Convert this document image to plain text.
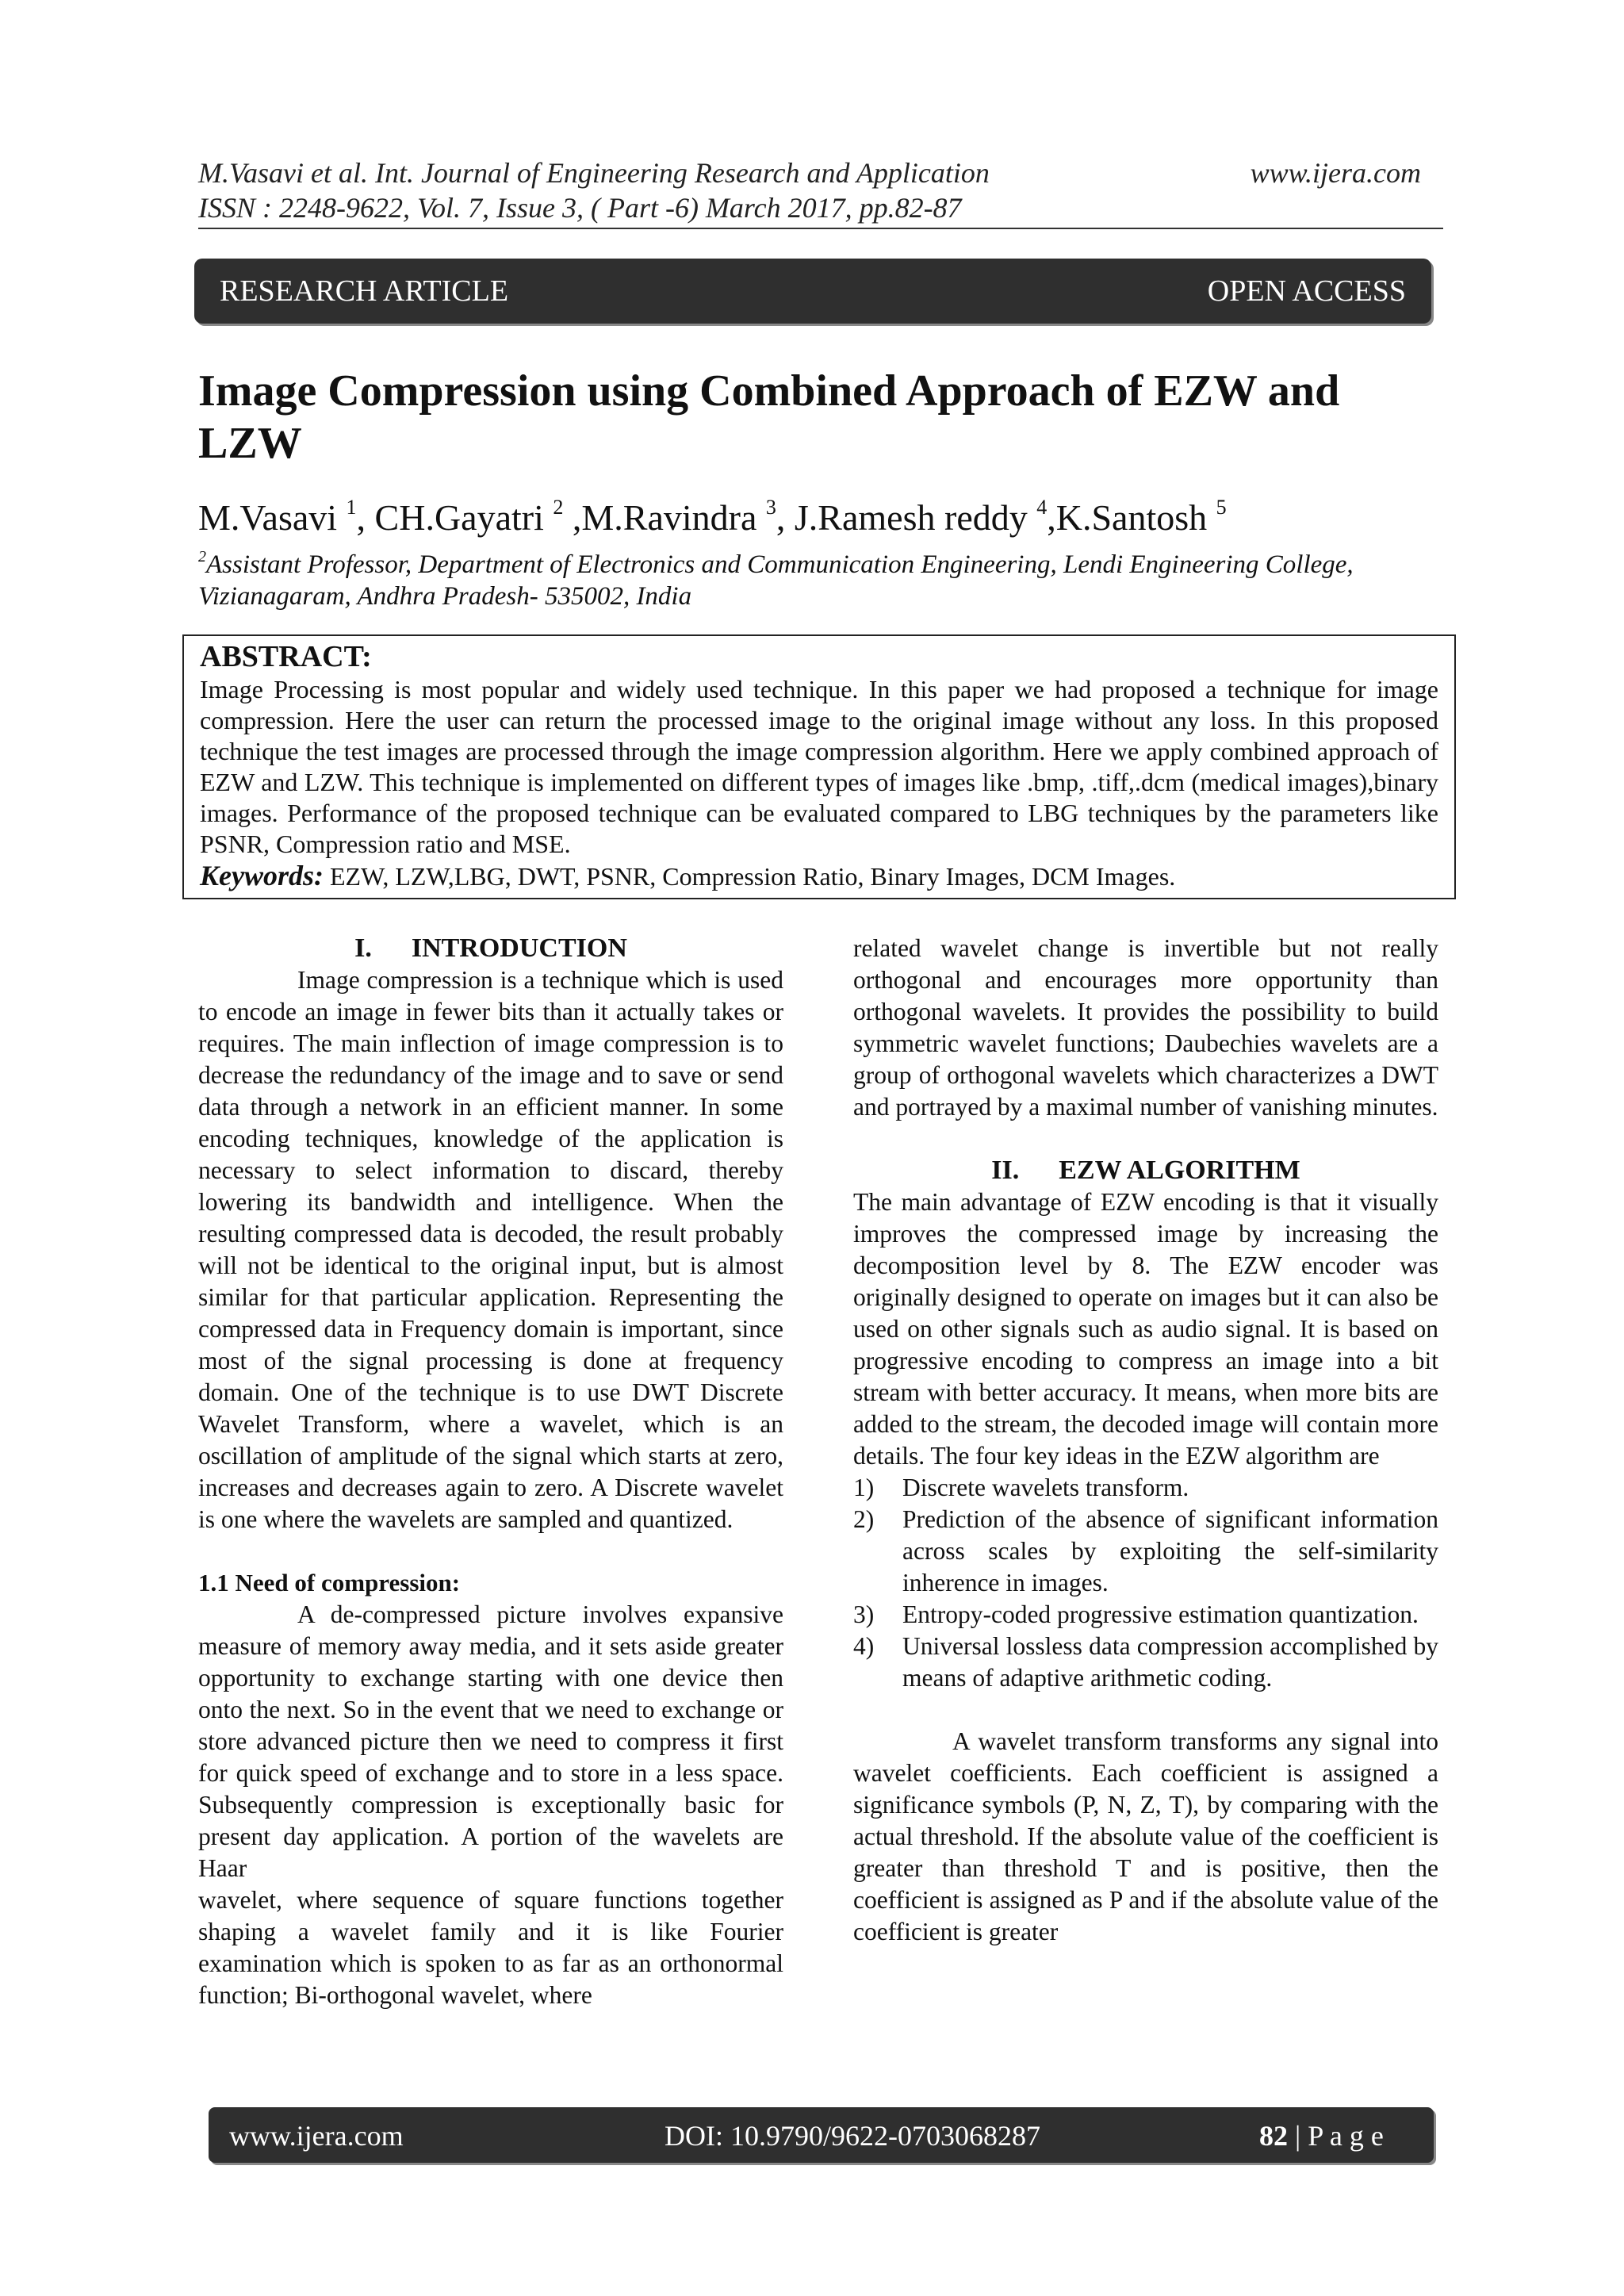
M.Vasavi et al. Int. Journal of Engineering Research and Application
ISSN : 2248-9622, Vol. 7, Issue 3, ( Part -6) March 2017, pp.82-87
www.ijera.com
RESEARCH ARTICLE	OPEN ACCESS
Image Compression using Combined Approach of EZW and
LZW
M.Vasavi $^1$, CH.Gayatri $^2$ ,M.Ravindra $^3$, J.Ramesh reddy $^4$,K.Santosh $^5$
$^2$Assistant Professor, Department of Electronics and Communication Engineering, Lendi Engineering College,
Vizianagaram, Andhra Pradesh- 535002, India
ABSTRACT:
Image Processing is most popular and widely used technique. In this paper we had proposed a technique for image compression. Here the user can return the processed image to the original image without any loss. In this proposed technique the test images are processed through the image compression algorithm. Here we apply combined approach of EZW and LZW. This technique is implemented on different types of images like .bmp, .tiff,.dcm (medical images),binary images. Performance of the proposed technique can be evaluated compared to LBG techniques by the parameters like PSNR, Compression ratio and MSE.
Keywords: EZW, LZW,LBG, DWT, PSNR, Compression Ratio, Binary Images, DCM Images.
I. INTRODUCTION

Image compression is a technique which is used to encode an image in fewer bits than it actually takes or requires. The main inflection of image compression is to decrease the redundancy of the image and to save or send data through a network in an efficient manner. In some encoding techniques, knowledge of the application is necessary to select information to discard, thereby lowering its bandwidth and intelligence. When the resulting compressed data is decoded, the result probably will not be identical to the original input, but is almost similar for that particular application. Representing the compressed data in Frequency domain is important, since most of the signal processing is done at frequency domain. One of the technique is to use DWT Discrete Wavelet Transform, where a wavelet, which is an oscillation of amplitude of the signal which starts at zero, increases and decreases again to zero. A Discrete wavelet is one where the wavelets are sampled and quantized.

1.1 Need of compression:

A de-compressed picture involves expansive measure of memory away media, and it sets aside greater opportunity to exchange starting with one device then onto the next. So in the event that we need to exchange or store advanced picture then we need to compress it first for quick speed of exchange and to store in a less space. Subsequently compression is exceptionally basic for present day application. A portion of the wavelets are Haar

wavelet, where sequence of square functions together shaping a wavelet family and it is like Fourier examination which is spoken to as far as an orthonormal function; Bi-orthogonal wavelet, where

related wavelet change is invertible but not really orthogonal and encourages more opportunity than orthogonal wavelets. It provides the possibility to build symmetric wavelet functions; Daubechies wavelets are a group of orthogonal wavelets which characterizes a DWT and portrayed by a maximal number of vanishing minutes.

II. EZW ALGORITHM

The main advantage of EZW encoding is that it visually improves the compressed image by increasing the decomposition level by 8. The EZW encoder was originally designed to operate on images but it can also be used on other signals such as audio signal. It is based on progressive encoding to compress an image into a bit stream with better accuracy. It means, when more bits are added to the stream, the decoded image will contain more details. The four key ideas in the EZW algorithm are

1)	Discrete wavelets transform.
2)	Prediction of the absence of significant information across scales by exploiting the self-similarity inherence in images.
3)	Entropy-coded progressive estimation quantization.
4)	Universal lossless data compression accomplished by means of adaptive arithmetic coding.

A wavelet transform transforms any signal into wavelet coefficients. Each coefficient is assigned a significance symbols (P, N, Z, T), by comparing with the actual threshold. If the absolute value of the coefficient is greater than threshold T and is positive, then the coefficient is assigned as P and if the absolute value of the coefficient is greater

www.ijera.com	DOI: 10.9790/9622-0703068287	82 | P a g e
